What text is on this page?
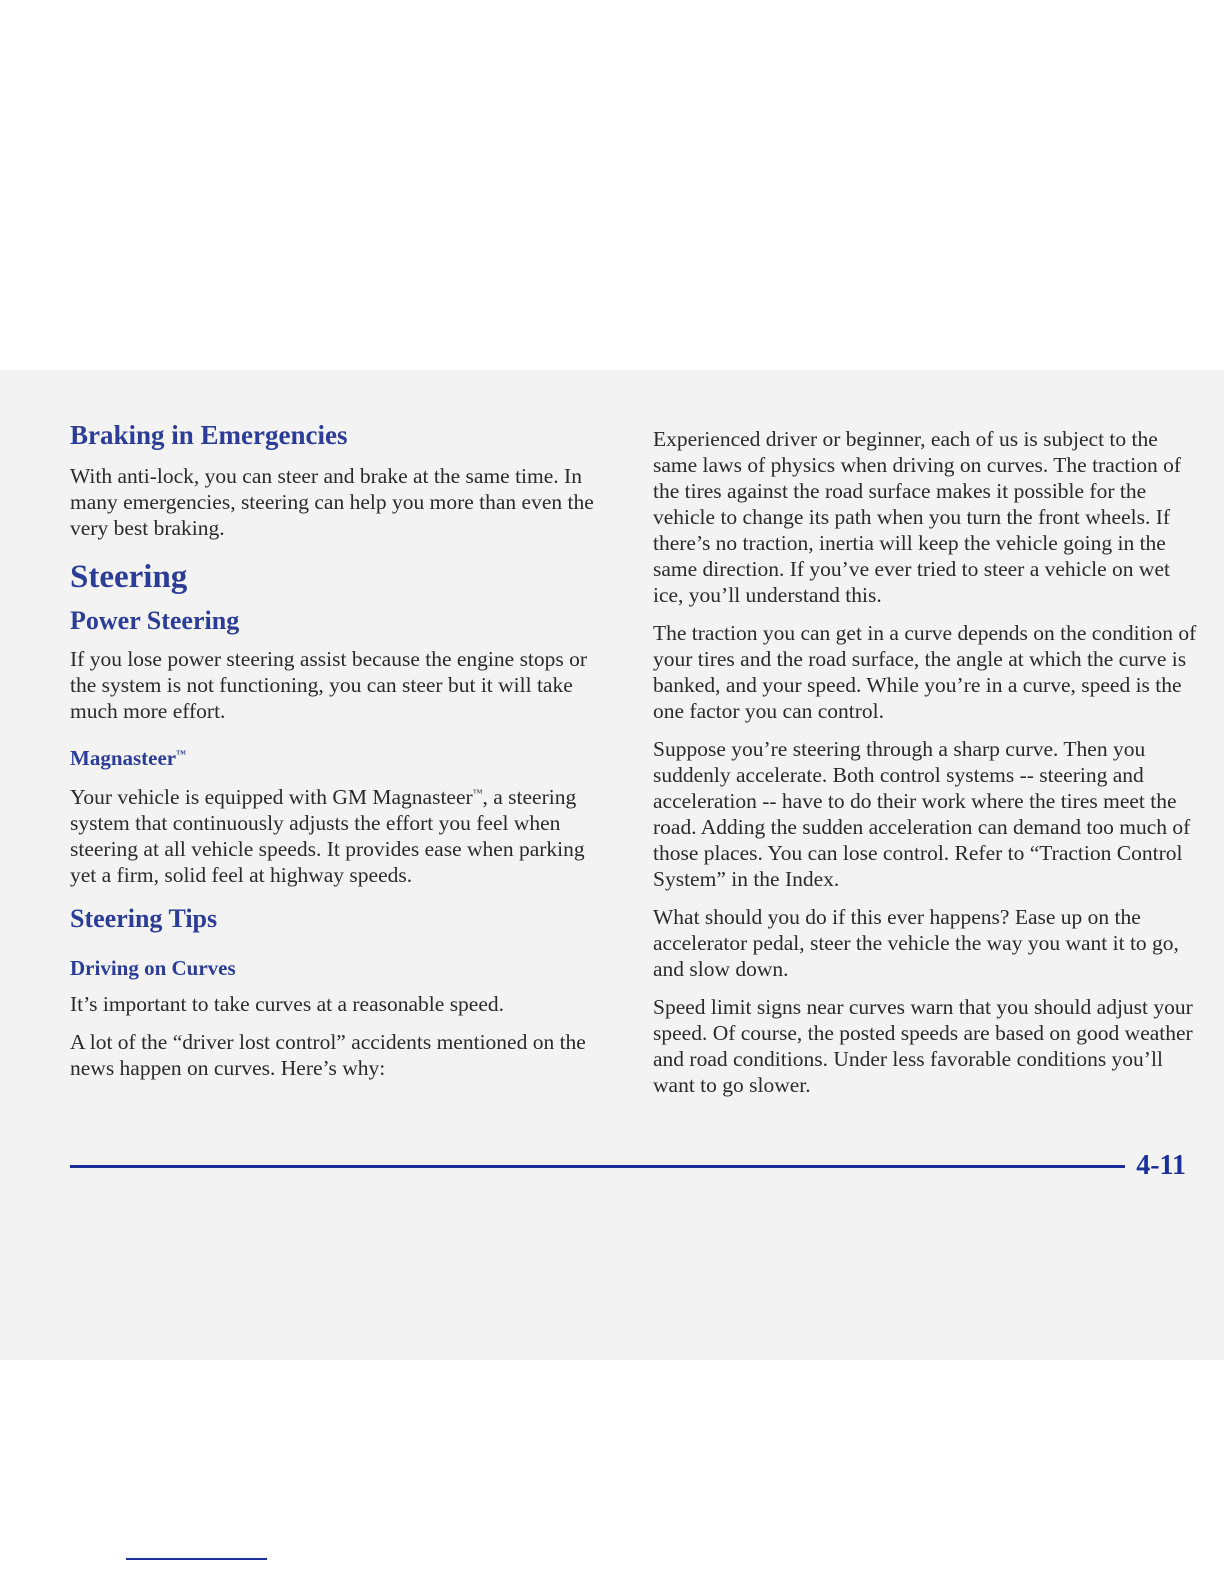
Braking in Emergencies

With anti-lock, you can steer and brake at the same time. In many emergencies, steering can help you more than even the very best braking.

Steering
Power Steering

If you lose power steering assist because the engine stops or the system is not functioning, you can steer but it will take much more effort.

Magnasteer™

Your vehicle is equipped with GM Magnasteer™, a steering system that continuously adjusts the effort you feel when steering at all vehicle speeds. It provides ease when parking yet a firm, solid feel at highway speeds.

Steering Tips
Driving on Curves

It’s important to take curves at a reasonable speed.

A lot of the “driver lost control” accidents mentioned on the news happen on curves. Here’s why:

Experienced driver or beginner, each of us is subject to the same laws of physics when driving on curves. The traction of the tires against the road surface makes it possible for the vehicle to change its path when you turn the front wheels. If there’s no traction, inertia will keep the vehicle going in the same direction. If you’ve ever tried to steer a vehicle on wet ice, you’ll understand this.

The traction you can get in a curve depends on the condition of your tires and the road surface, the angle at which the curve is banked, and your speed. While you’re in a curve, speed is the one factor you can control.

Suppose you’re steering through a sharp curve. Then you suddenly accelerate. Both control systems -- steering and acceleration -- have to do their work where the tires meet the road. Adding the sudden acceleration can demand too much of those places. You can lose control. Refer to “Traction Control System” in the Index.

What should you do if this ever happens? Ease up on the accelerator pedal, steer the vehicle the way you want it to go, and slow down.

Speed limit signs near curves warn that you should adjust your speed. Of course, the posted speeds are based on good weather and road conditions. Under less favorable conditions you’ll want to go slower.

4-11
